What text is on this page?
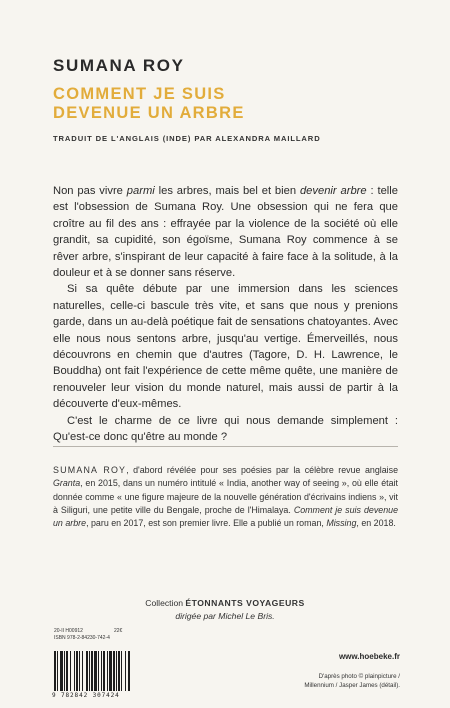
SUMANA ROY
COMMENT JE SUIS
DEVENUE UN ARBRE
TRADUIT DE L'ANGLAIS (INDE) PAR ALEXANDRA MAILLARD

Non pas vivre parmi les arbres, mais bel et bien devenir arbre : telle est l'obsession de Sumana Roy. Une obsession qui ne fera que croître au fil des ans : effrayée par la violence de la société où elle grandit, sa cupidité, son égoïsme, Sumana Roy commence à se rêver arbre, s'inspirant de leur capacité à faire face à la solitude, à la douleur et à se donner sans réserve.

Si sa quête débute par une immersion dans les sciences naturelles, celle-ci bascule très vite, et sans que nous y prenions garde, dans un au-delà poétique fait de sensations chatoyantes. Avec elle nous nous sentons arbre, jusqu'au vertige. Émerveillés, nous découvrons en chemin que d'autres (Tagore, D. H. Lawrence, le Bouddha) ont fait l'expérience de cette même quête, une manière de renouveler leur vision du monde naturel, mais aussi de partir à la découverte d'eux-mêmes.

C'est le charme de ce livre qui nous demande simplement : Qu'est-ce donc qu'être au monde ?

SUMANA ROY, d'abord révélée pour ses poésies par la célèbre revue anglaise Granta, en 2015, dans un numéro intitulé « India, another way of seeing », où elle était donnée comme « une figure majeure de la nouvelle génération d'écrivains indiens », vit à Siliguri, une petite ville du Bengale, proche de l'Himalaya. Comment je suis devenue un arbre, paru en 2017, est son premier livre. Elle a publié un roman, Missing, en 2018.
Collection ÉTONNANTS VOYAGEURS
dirigée par Michel Le Bris.
20-II H00912	22€
ISBN 978-2-84230-742-4
9 782842 307424
www.hoebeke.fr
D'après photo © plainpicture /
Millennium / Jasper James (détail).
